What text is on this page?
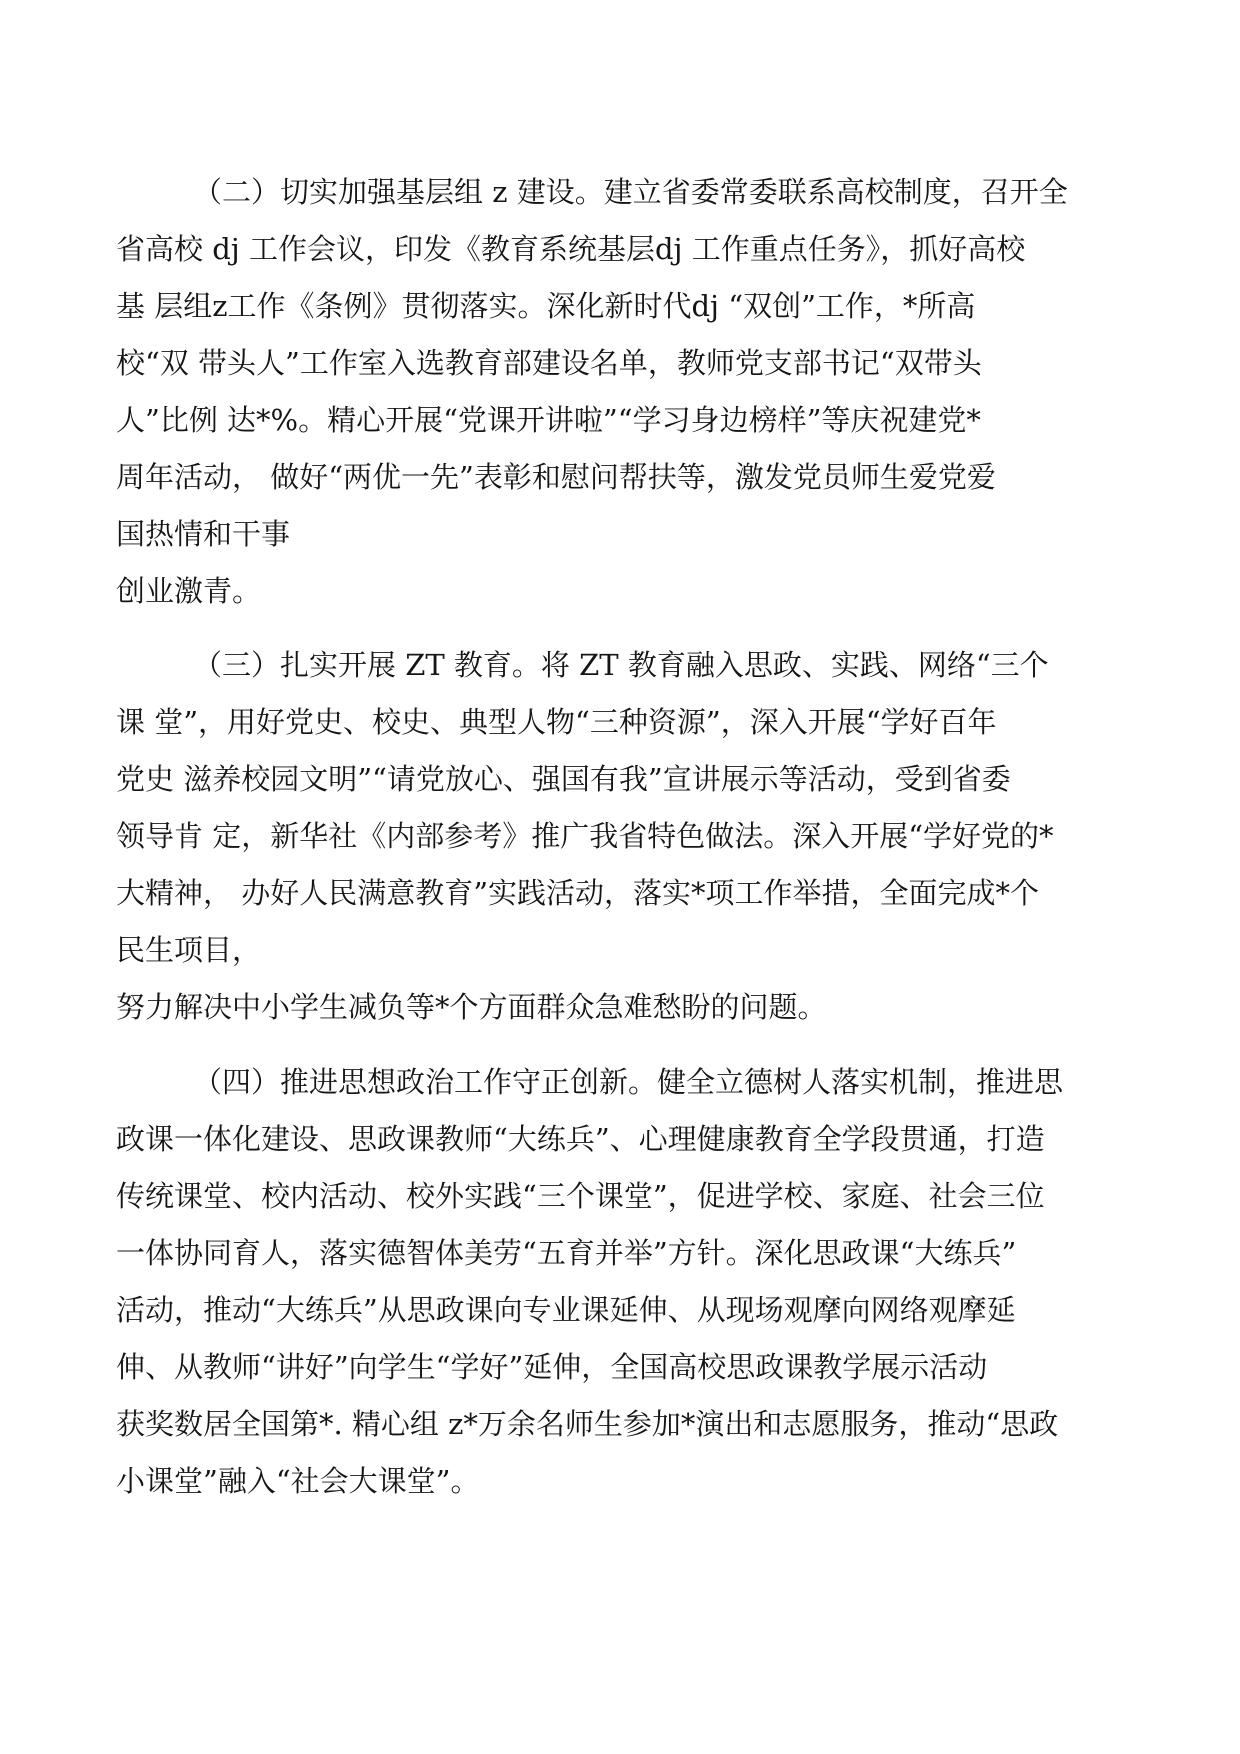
（二）切实加强基层组 z 建设。建立省委常委联系高校制度，召开全
省高校 dj 工作会议，印发《教育系统基层dj 工作重点任务》，抓好高校
基 层组z工作《条例》贯彻落实。深化新时代dj “双创”工作，*所高
校“双 带头人”工作室入选教育部建设名单，教师党支部书记“双带头
人”比例 达*%。精心开展“党课开讲啦”“学习身边榜样”等庆祝建党*
周年活动， 做好“两优一先”表彰和慰问帮扶等，激发党员师生爱党爱
国热情和干事
创业激青。
（三）扎实开展 ZT 教育。将 ZT 教育融入思政、实践、网络“三个
课 堂”，用好党史、校史、典型人物“三种资源”，深入开展“学好百年
党史 滋养校园文明”“请党放心、强国有我”宣讲展示等活动，受到省委
领导肯 定，新华社《内部参考》推广我省特色做法。深入开展“学好党的*
大精神， 办好人民满意教育”实践活动，落实*项工作举措，全面完成*个
民生项目，
努力解决中小学生减负等*个方面群众急难愁盼的问题。
（四）推进思想政治工作守正创新。健全立德树人落实机制，推进思
政课一体化建设、思政课教师“大练兵”、心理健康教育全学段贯通，打造
传统课堂、校内活动、校外实践“三个课堂”，促进学校、家庭、社会三位
一体协同育人，落实德智体美劳“五育并举”方针。深化思政课“大练兵”
活动，推动“大练兵”从思政课向专业课延伸、从现场观摩向网络观摩延
伸、从教师“讲好”向学生“学好”延伸，全国高校思政课教学展示活动
获奖数居全国第*. 精心组 z*万余名师生参加*演出和志愿服务，推动“思政
小课堂”融入“社会大课堂”。
